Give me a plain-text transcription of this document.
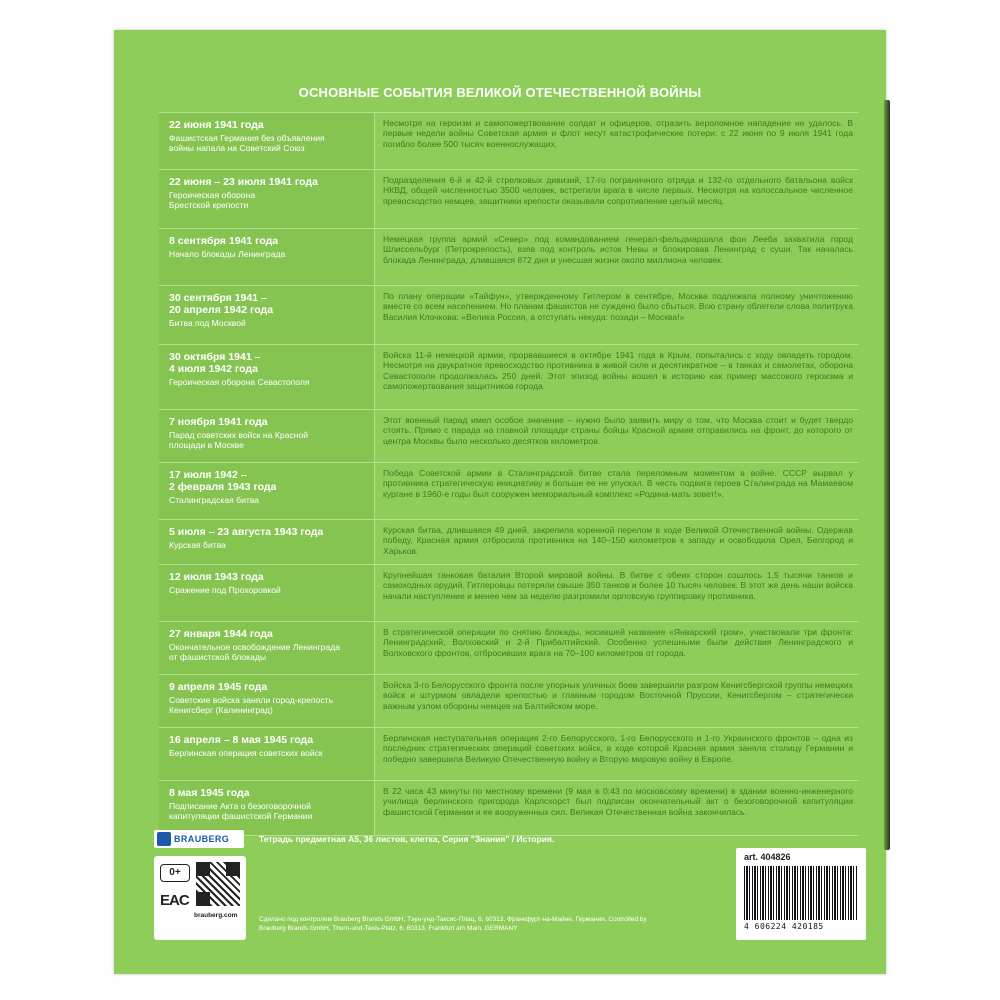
ОСНОВНЫЕ СОБЫТИЯ ВЕЛИКОЙ ОТЕЧЕСТВЕННОЙ ВОЙНЫ
22 июня 1941 года
Фашистская Германия без объявления
войны напала на Советский Союз
Несмотря на героизм и самопожертвование солдат и офицеров, отразить вероломное нападение не удалось. В первые недели войны Советская армия и флот несут катастрофические потери: с 22 июня по 9 июля 1941 года погибло более 500 тысяч военнослужащих.
22 июня – 23 июля 1941 года
Героическая оборона
Брестской крепости
Подразделения 6-й и 42-й стрелковых дивизий, 17-го пограничного отряда и 132-го отдельного батальона войск НКВД, общей численностью 3500 человек, встретили врага в числе первых. Несмотря на колоссальное численное превосходство немцев, защитники крепости оказывали сопротивление целый месяц.
8 сентября 1941 года
Начало блокады Ленинграда
Немецкая группа армий «Север» под командованием генерал-фельдмаршала фон Лееба захватила город Шлиссельбург (Петрокрепость), взяв под контроль исток Невы и блокировав Ленинград с суши. Так началась блокада Ленинграда, длившаяся 872 дня и унесшая жизни около миллиона человек.
30 сентября 1941 –
20 апреля 1942 года
Битва под Москвой
По плану операции «Тайфун», утвержденному Гитлером в сентябре, Москва подлежала полному уничтожению вместе со всем населением. Но планам фашистов не суждено было сбыться. Всю страну облетели слова политрука Василия Клочкова: «Велика Россия, а отступать некуда: позади – Москва!»
30 октября 1941 –
4 июля 1942 года
Героическая оборона Севастополя
Войска 11-й немецкой армии, прорвавшиеся в октябре 1941 года в Крым, попытались с ходу овладеть городом. Несмотря на двукратное превосходство противника в живой силе и десятикратное – в танках и самолетах, оборона Севастополя продолжалась 250 дней. Этот эпизод войны вошел в историю как пример массового героизма и самопожертвования защитников города.
7 ноября 1941 года
Парад советских войск на Красной
площади в Москве
Этот военный парад имел особое значение – нужно было заявить миру о том, что Москва стоит и будет твердо стоять. Прямо с парада на главной площади страны бойцы Красной армии отправились на фронт, до которого от центра Москвы было несколько десятков километров.
17 июля 1942 –
2 февраля 1943 года
Сталинградская битва
Победа Советской армии в Сталинградской битве стала переломным моментом в войне. СССР вырвал у противника стратегическую инициативу и больше ее не упускал. В честь подвига героев Сталинграда на Мамаевом кургане в 1960-е годы был сооружен мемориальный комплекс «Родина-мать зовет!».
5 июля – 23 августа 1943 года
Курская битва
Курская битва, длившаяся 49 дней, закрепила коренной перелом в ходе Великой Отечественной войны. Одержав победу, Красная армия отбросила противника на 140–150 километров к западу и освободила Орел, Белгород и Харьков.
12 июля 1943 года
Сражение под Прохоровкой
Крупнейшая танковая баталия Второй мировой войны. В битве с обеих сторон сошлось 1,5 тысячи танков и самоходных орудий. Гитлеровцы потеряли свыше 350 танков и более 10 тысяч человек. В этот же день наши войска начали наступление и менее чем за неделю разгромили орловскую группировку противника.
27 января 1944 года
Окончательное освобождение Ленинграда
от фашистской блокады
В стратегической операции по снятию блокады, носившей название «Январский гром», участвовали три фронта: Ленинградский, Волховский и 2-й Прибалтийский. Особенно успешными были действия Ленинградского и Волховского фронтов, отбросивших врага на 70–100 километров от города.
9 апреля 1945 года
Советские войска заняли город-крепость
Кенигсберг (Калининград)
Войска 3-го Белорусского фронта после упорных уличных боев завершили разгром Кенигсбергской группы немецких войск и штурмом овладели крепостью и главным городом Восточной Пруссии, Кенигсбергом – стратегически важным узлом обороны немцев на Балтийском море.
16 апреля – 8 мая 1945 года
Берлинская операция советских войск
Берлинская наступательная операция 2-го Белорусского, 1-го Белорусского и 1-го Украинского фронтов – одна из последних стратегических операций советских войск, в ходе которой Красная армия заняла столицу Германии и победно завершила Великую Отечественную войну и Вторую мировую войну в Европе.
8 мая 1945 года
Подписание Акта о безоговорочной
капитуляции фашистской Германии
В 22 часа 43 минуты по местному времени (9 мая в 0:43 по московскому времени) в здании военно-инженерного училища берлинского пригорода Карлсхорст был подписан окончательный акт о безоговорочной капитуляции фашистской Германии и ее вооруженных сил. Великая Отечественная война закончилась.
BRAUBERG	Тетрадь предметная А5, 36 листов, клетка, Серия "Знания" / История.
0+
EAC
brauberg.com
Сделано под контролем Brauberg Brands GmbH, Тэун-унд-Таксис-Плац, 6, 60313, Франкфурт-на-Майне, Германия. Controlled by Brauberg Brands GmbH, Thurn-und-Taxis-Platz, 6, 60313, Frankfurt am Main, GERMANY
art. 404826
4 606224 420185
